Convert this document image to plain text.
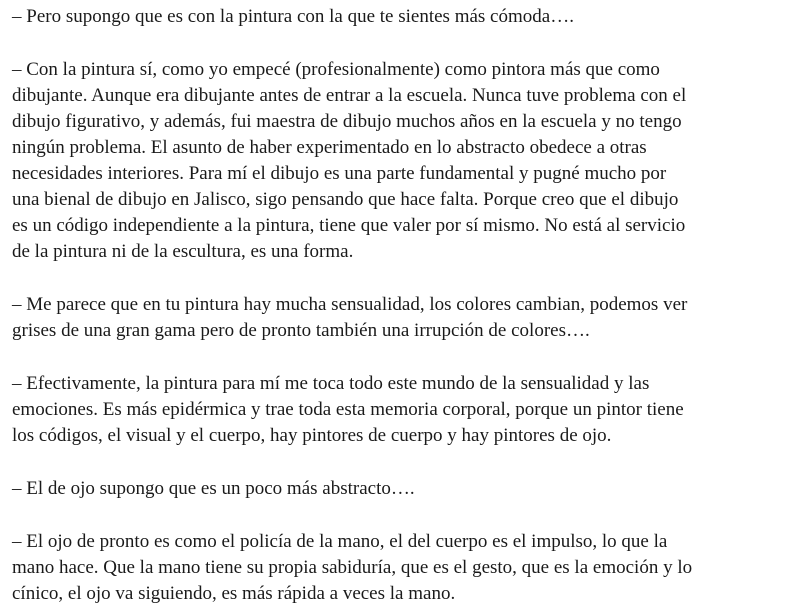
– Pero supongo que es con la pintura con la que te sientes más cómoda….

– Con la pintura sí, como yo empecé (profesionalmente) como pintora más que como
dibujante. Aunque era dibujante antes de entrar a la escuela. Nunca tuve problema con el
dibujo figurativo, y además, fui maestra de dibujo muchos años en la escuela y no tengo
ningún problema. El asunto de haber experimentado en lo abstracto obedece a otras
necesidades interiores. Para mí el dibujo es una parte fundamental y pugné mucho por
una bienal de dibujo en Jalisco, sigo pensando que hace falta. Porque creo que el dibujo
es un código independiente a la pintura, tiene que valer por sí mismo. No está al servicio
de la pintura ni de la escultura, es una forma.

– Me parece que en tu pintura hay mucha sensualidad, los colores cambian, podemos ver
grises de una gran gama pero de pronto también una irrupción de colores….

– Efectivamente, la pintura para mí me toca todo este mundo de la sensualidad y las
emociones. Es más epidérmica y trae toda esta memoria corporal, porque un pintor tiene
los códigos, el visual y el cuerpo, hay pintores de cuerpo y hay pintores de ojo.

– El de ojo supongo que es un poco más abstracto….

– El ojo de pronto es como el policía de la mano, el del cuerpo es el impulso, lo que la
mano hace. Que la mano tiene su propia sabiduría, que es el gesto, que es la emoción y lo
cínico, el ojo va siguiendo, es más rápida a veces la mano.
